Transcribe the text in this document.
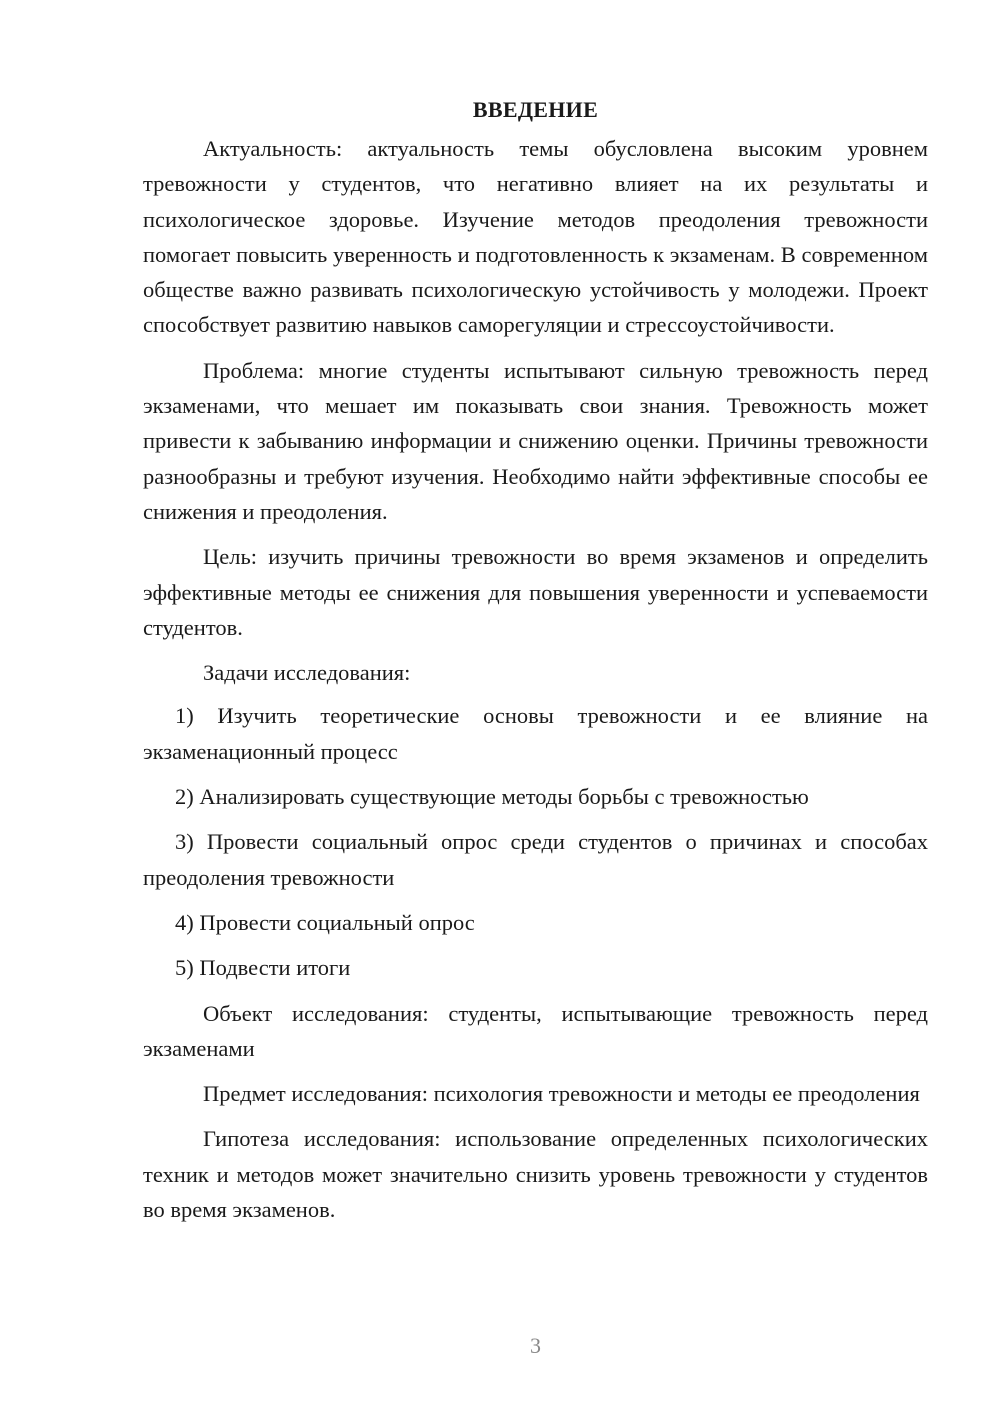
ВВЕДЕНИЕ

Актуальность: актуальность темы обусловлена высоким уровнем тревожности у студентов, что негативно влияет на их результаты и психологическое здоровье. Изучение методов преодоления тревожности помогает повысить уверенность и подготовленность к экзаменам. В современном обществе важно развивать психологическую устойчивость у молодежи. Проект способствует развитию навыков саморегуляции и стрессоустойчивости.

Проблема: многие студенты испытывают сильную тревожность перед экзаменами, что мешает им показывать свои знания. Тревожность может привести к забыванию информации и снижению оценки. Причины тревожности разнообразны и требуют изучения. Необходимо найти эффективные способы ее снижения и преодоления.

Цель: изучить причины тревожности во время экзаменов и определить эффективные методы ее снижения для повышения уверенности и успеваемости студентов.

Задачи исследования:

1) Изучить теоретические основы тревожности и ее влияние на экзаменационный процесс

2) Анализировать существующие методы борьбы с тревожностью

3) Провести социальный опрос среди студентов о причинах и способах преодоления тревожности

4) Провести социальный опрос

5) Подвести итоги

Объект исследования: студенты, испытывающие тревожность перед экзаменами

Предмет исследования: психология тревожности и методы ее преодоления

Гипотеза исследования: использование определенных психологических техник и методов может значительно снизить уровень тревожности у студентов во время экзаменов.

3
